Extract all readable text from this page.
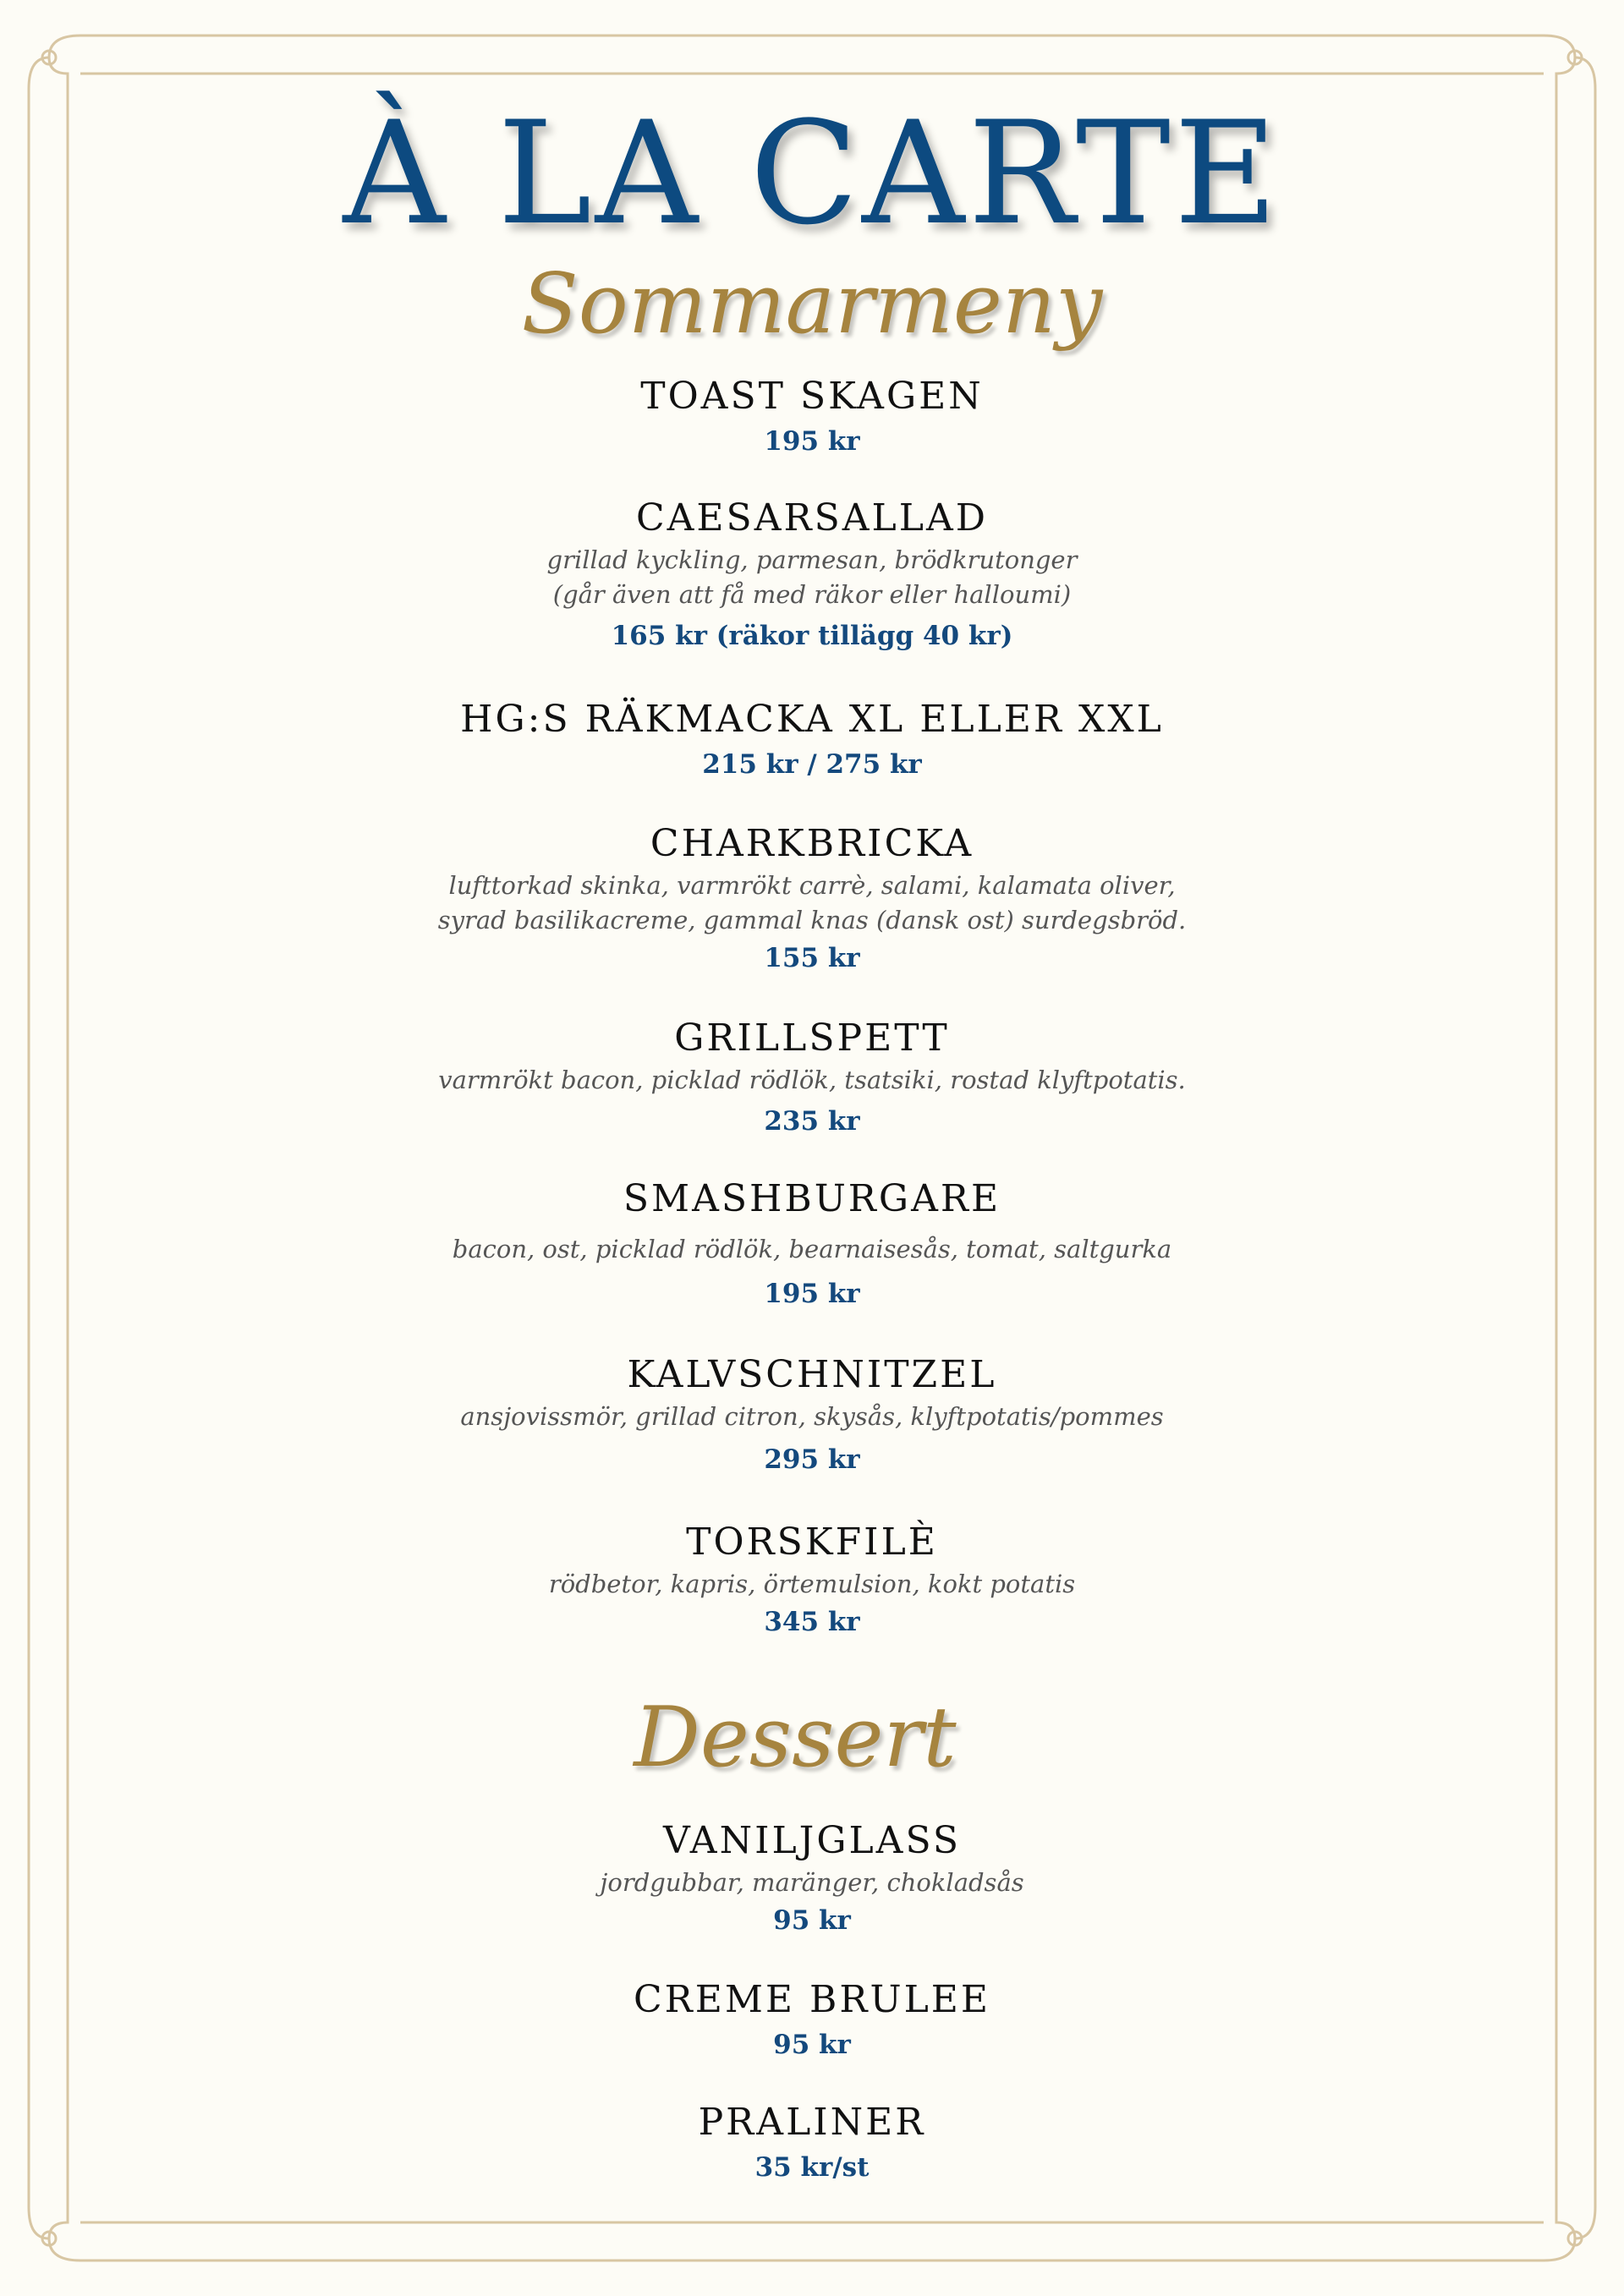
À LA CARTE
Sommarmeny
TOAST SKAGEN
195 kr
CAESARSALLAD
grillad kyckling, parmesan, brödkrutonger
(går även att få med räkor eller halloumi)
165 kr (räkor tillägg 40 kr)
HG:S RÄKMACKA XL ELLER XXL
215 kr / 275 kr
CHARKBRICKA
lufttorkad skinka, varmrökt carrè, salami, kalamata oliver,
syrad basilikacreme, gammal knas (dansk ost) surdegsbröd.
155 kr
GRILLSPETT
varmrökt bacon, picklad rödlök, tsatsiki, rostad klyftpotatis.
235 kr
SMASHBURGARE
bacon, ost, picklad rödlök, bearnaisesås, tomat, saltgurka
195 kr
KALVSCHNITZEL
ansjovissmör, grillad citron, skysås, klyftpotatis/pommes
295 kr
TORSKFILÈ
rödbetor, kapris, örtemulsion, kokt potatis
345 kr
Dessert
VANILJGLASS
jordgubbar, maränger, chokladsås
95 kr
CREME BRULEE
95 kr
PRALINER
35 kr/st
